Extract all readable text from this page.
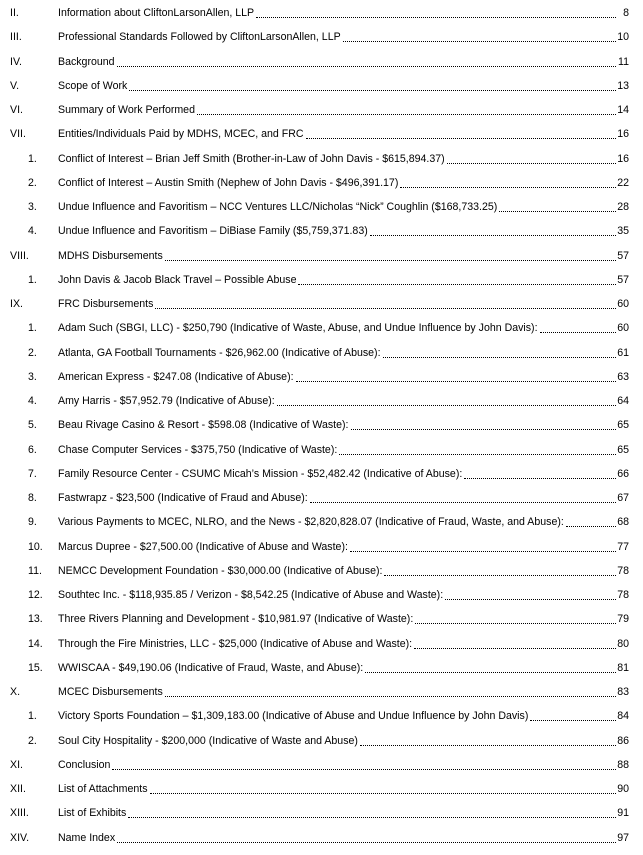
II.	Information about CliftonLarsonAllen, LLP	8
III.	Professional Standards Followed by CliftonLarsonAllen, LLP	10
IV.	Background	11
V.	Scope of Work	13
VI.	Summary of Work Performed	14
VII.	Entities/Individuals Paid by MDHS, MCEC, and FRC	16
1. Conflict of Interest – Brian Jeff Smith (Brother-in-Law of John Davis - $615,894.37)	16
2. Conflict of Interest – Austin Smith (Nephew of John Davis - $496,391.17)	22
3. Undue Influence and Favoritism – NCC Ventures LLC/Nicholas “Nick” Coughlin ($168,733.25)	28
4. Undue Influence and Favoritism – DiBiase Family ($5,759,371.83)	35
VIII.	MDHS Disbursements	57
1. John Davis & Jacob Black Travel – Possible Abuse	57
IX.	FRC Disbursements	60
1. Adam Such (SBGI, LLC) - $250,790 (Indicative of Waste, Abuse, and Undue Influence by John Davis):	60
2. Atlanta, GA Football Tournaments - $26,962.00 (Indicative of Abuse):	61
3. American Express - $247.08 (Indicative of Abuse):	63
4. Amy Harris - $57,952.79 (Indicative of Abuse):	64
5. Beau Rivage Casino & Resort - $598.08 (Indicative of Waste):	65
6. Chase Computer Services - $375,750 (Indicative of Waste):	65
7. Family Resource Center - CSUMC Micah’s Mission - $52,482.42 (Indicative of Abuse):	66
8. Fastwrapz - $23,500 (Indicative of Fraud and Abuse):	67
9. Various Payments to MCEC, NLRO, and the News - $2,820,828.07 (Indicative of Fraud, Waste, and Abuse):	68
10. Marcus Dupree - $27,500.00 (Indicative of Abuse and Waste):	77
11. NEMCC Development Foundation - $30,000.00 (Indicative of Abuse):	78
12. Southtec Inc. - $118,935.85 / Verizon - $8,542.25 (Indicative of Abuse and Waste):	78
13. Three Rivers Planning and Development - $10,981.97 (Indicative of Waste):	79
14. Through the Fire Ministries, LLC - $25,000 (Indicative of Abuse and Waste):	80
15. WWISCAA - $49,190.06 (Indicative of Fraud, Waste, and Abuse):	81
X.	MCEC Disbursements	83
1. Victory Sports Foundation – $1,309,183.00 (Indicative of Abuse and Undue Influence by John Davis)	84
2. Soul City Hospitality - $200,000 (Indicative of Waste and Abuse)	86
XI.	Conclusion	88
XII.	List of Attachments	90
XIII.	List of Exhibits	91
XIV.	Name Index	97
